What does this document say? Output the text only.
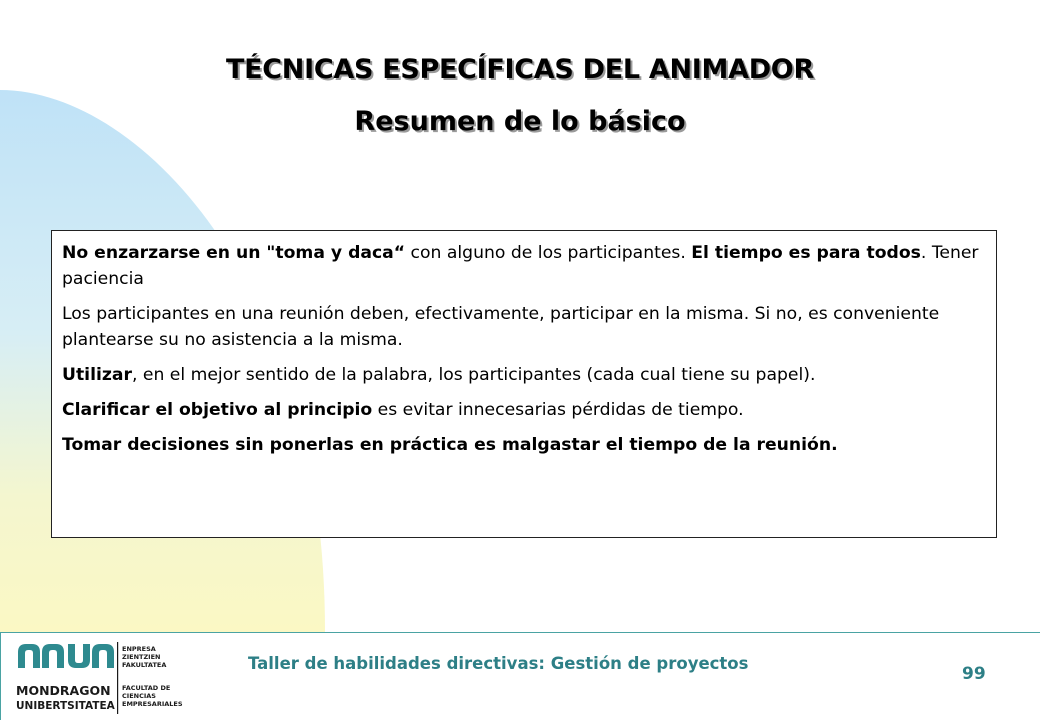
TÉCNICAS ESPECÍFICAS DEL ANIMADOR
Resumen de lo básico

No enzarzarse en un "toma y daca“ con alguno de los participantes. El tiempo es para todos. Tener paciencia

Los participantes en una reunión deben, efectivamente, participar en la misma. Si no, es conveniente plantearse su no asistencia a la misma.

Utilizar, en el mejor sentido de la palabra, los participantes (cada cual tiene su papel).

Clarificar el objetivo al principio es evitar innecesarias pérdidas de tiempo.

Tomar decisiones sin ponerlas en práctica es malgastar el tiempo de la reunión.

MONDRAGON
UNIBERTSITATEA
ENPRESA
ZIENTZIEN
FAKULTATEA
FACULTAD DE
CIENCIAS
EMPRESARIALES
Taller de habilidades directivas: Gestión de proyectos
99
